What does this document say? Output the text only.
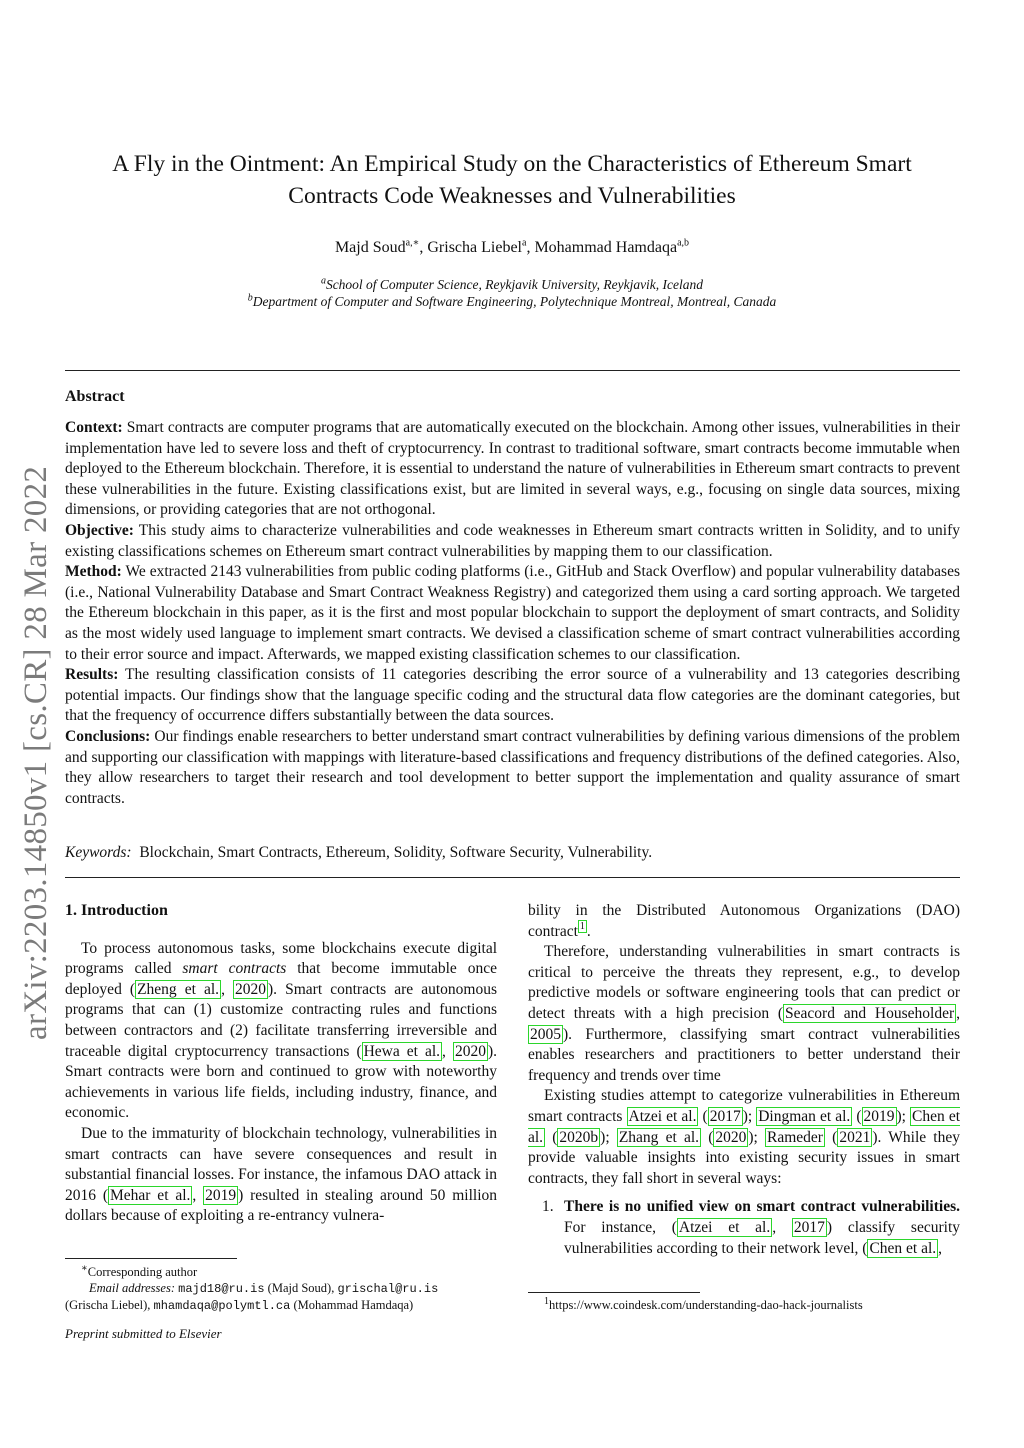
arXiv:2203.14850v1 [cs.CR] 28 Mar 2022
A Fly in the Ointment: An Empirical Study on the Characteristics of Ethereum Smart
Contracts Code Weaknesses and Vulnerabilities
Majd Soud$^{a,∗}$, Grischa Liebel$^a$, Mohammad Hamdaqa$^{a,b}$
$^a$School of Computer Science, Reykjavik University, Reykjavik, Iceland
$^b$Department of Computer and Software Engineering, Polytechnique Montreal, Montreal, Canada
Abstract

Context: Smart contracts are computer programs that are automatically executed on the blockchain. Among other issues, vulnerabilities in their implementation have led to severe loss and theft of cryptocurrency. In contrast to traditional software, smart contracts become immutable when deployed to the Ethereum blockchain. Therefore, it is essential to understand the nature of vulnerabilities in Ethereum smart contracts to prevent these vulnerabilities in the future. Existing classifications exist, but are limited in several ways, e.g., focusing on single data sources, mixing dimensions, or providing categories that are not orthogonal.

Objective: This study aims to characterize vulnerabilities and code weaknesses in Ethereum smart contracts written in Solidity, and to unify existing classifications schemes on Ethereum smart contract vulnerabilities by mapping them to our classification.

Method: We extracted 2143 vulnerabilities from public coding platforms (i.e., GitHub and Stack Overflow) and popular vulnerability databases (i.e., National Vulnerability Database and Smart Contract Weakness Registry) and categorized them using a card sorting approach. We targeted the Ethereum blockchain in this paper, as it is the first and most popular blockchain to support the deployment of smart contracts, and Solidity as the most widely used language to implement smart contracts. We devised a classification scheme of smart contract vulnerabilities according to their error source and impact. Afterwards, we mapped existing classification schemes to our classification.

Results: The resulting classification consists of 11 categories describing the error source of a vulnerability and 13 categories describing potential impacts. Our findings show that the language specific coding and the structural data flow categories are the dominant categories, but that the frequency of occurrence differs substantially between the data sources.

Conclusions: Our findings enable researchers to better understand smart contract vulnerabilities by defining various dimensions of the problem and supporting our classification with mappings with literature-based classifications and frequency distributions of the defined categories. Also, they allow researchers to target their research and tool development to better support the implementation and quality assurance of smart contracts.

Keywords: Blockchain, Smart Contracts, Ethereum, Solidity, Software Security, Vulnerability.
1. Introduction

To process autonomous tasks, some blockchains execute digital programs called smart contracts that become immutable once deployed ( Zheng et al. , 2020 ). Smart contracts are autonomous programs that can (1) customize contracting rules and functions between contractors and (2) facilitate transferring irreversible and traceable digital cryptocurrency transactions ( Hewa et al. , 2020 ). Smart contracts were born and continued to grow with noteworthy achievements in various life fields, including industry, finance, and economic.

Due to the immaturity of blockchain technology, vulnerabilities in smart contracts can have severe consequences and result in substantial financial losses. For instance, the infamous DAO attack in 2016 ( Mehar et al. , 2019 ) resulted in stealing around 50 million dollars because of exploiting a re-entrancy vulnera-

bility in the Distributed Autonomous Organizations (DAO) contract $^1$ .

Therefore, understanding vulnerabilities in smart contracts is critical to perceive the threats they represent, e.g., to develop predictive models or software engineering tools that can predict or detect threats with a high precision ( Seacord and Householder , 2005 ). Furthermore, classifying smart contract vulnerabilities enables researchers and practitioners to better understand their frequency and trends over time

Existing studies attempt to categorize vulnerabilities in Ethereum smart contracts Atzei et al. ( 2017 ); Dingman et al. ( 2019 ); Chen et al. ( 2020b ); Zhang et al. ( 2020 ); Rameder ( 2021 ). While they provide valuable insights into existing security issues in smart contracts, they fall short in several ways:

1. There is no unified view on smart contract vulnerabilities. For instance, ( Atzei et al. , 2017 ) classify security vulnerabilities according to their network level, ( Chen et al. ,
∗Corresponding author
Email addresses: majd18@ru.is (Majd Soud), grischal@ru.is
(Grischa Liebel), mhamdaqa@polymtl.ca (Mohammad Hamdaqa)	$^1$https://www.coindesk.com/understanding-dao-hack-journalists
Preprint submitted to Elsevier
